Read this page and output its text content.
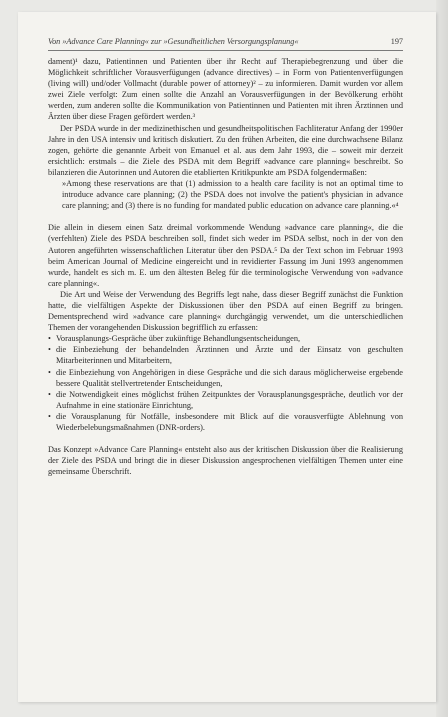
Von »Advance Care Planning« zur »Gesundheitlichen Versorgungsplanung«	197

dament)¹ dazu, Patientinnen und Patienten über ihr Recht auf Therapiebegrenzung und über die Möglichkeit schriftlicher Vorausverfügungen (advance directives) – in Form von Patientenverfügungen (living will) und/oder Vollmacht (durable power of attorney)² – zu informieren. Damit wurden vor allem zwei Ziele verfolgt: Zum einen sollte die Anzahl an Vorausverfügungen in der Bevölkerung erhöht werden, zum anderen sollte die Kommunikation von Patientinnen und Patienten mit ihren Ärztinnen und Ärzten über diese Fragen gefördert werden.³

Der PSDA wurde in der medizinethischen und gesundheitspolitischen Fachliteratur Anfang der 1990er Jahre in den USA intensiv und kritisch diskutiert. Zu den frühen Arbeiten, die eine durchwachsene Bilanz zogen, gehörte die genannte Arbeit von Emanuel et al. aus dem Jahr 1993, die – soweit mir derzeit ersichtlich: erstmals – die Ziele des PSDA mit dem Begriff »advance care planning« beschreibt. So bilanzieren die Autorinnen und Autoren die etablierten Kritikpunkte am PSDA folgendermaßen:

»Among these reservations are that (1) admission to a health care facility is not an optimal time to introduce advance care planning; (2) the PSDA does not involve the patient's physician in advance care planning; and (3) there is no funding for mandated public education on advance care planning.«⁴

Die allein in diesem einen Satz dreimal vorkommende Wendung »advance care planning«, die die (verfehlten) Ziele des PSDA beschreiben soll, findet sich weder im PSDA selbst, noch in der von den Autoren angeführten wissenschaftlichen Literatur über den PSDA.⁵ Da der Text schon im Februar 1993 beim American Journal of Medicine eingereicht und in revidierter Fassung im Juni 1993 angenommen wurde, handelt es sich m. E. um den ältesten Beleg für die terminologische Verwendung von »advance care planning«.

Die Art und Weise der Verwendung des Begriffs legt nahe, dass dieser Begriff zunächst die Funktion hatte, die vielfältigen Aspekte der Diskussionen über den PSDA auf einen Begriff zu bringen. Dementsprechend wird »advance care planning« durchgängig verwendet, um die unterschiedlichen Themen der vorangehenden Diskussion begrifflich zu erfassen:

• Vorausplanungs-Gespräche über zukünftige Behandlungsentscheidungen,
• die Einbeziehung der behandelnden Ärztinnen und Ärzte und der Einsatz von geschulten Mitarbeiterinnen und Mitarbeitern,
• die Einbeziehung von Angehörigen in diese Gespräche und die sich daraus möglicherweise ergebende bessere Qualität stellvertretender Entscheidungen,
• die Notwendigkeit eines möglichst frühen Zeitpunktes der Vorausplanungsgespräche, deutlich vor der Aufnahme in eine stationäre Einrichtung,
• die Vorausplanung für Notfälle, insbesondere mit Blick auf die vorausverfügte Ablehnung von Wiederbelebungsmaßnahmen (DNR-orders).

Das Konzept »Advance Care Planning« entsteht also aus der kritischen Diskussion über die Realisierung der Ziele des PSDA und bringt die in dieser Diskussion angesprochenen vielfältigen Themen unter eine gemeinsame Überschrift.
